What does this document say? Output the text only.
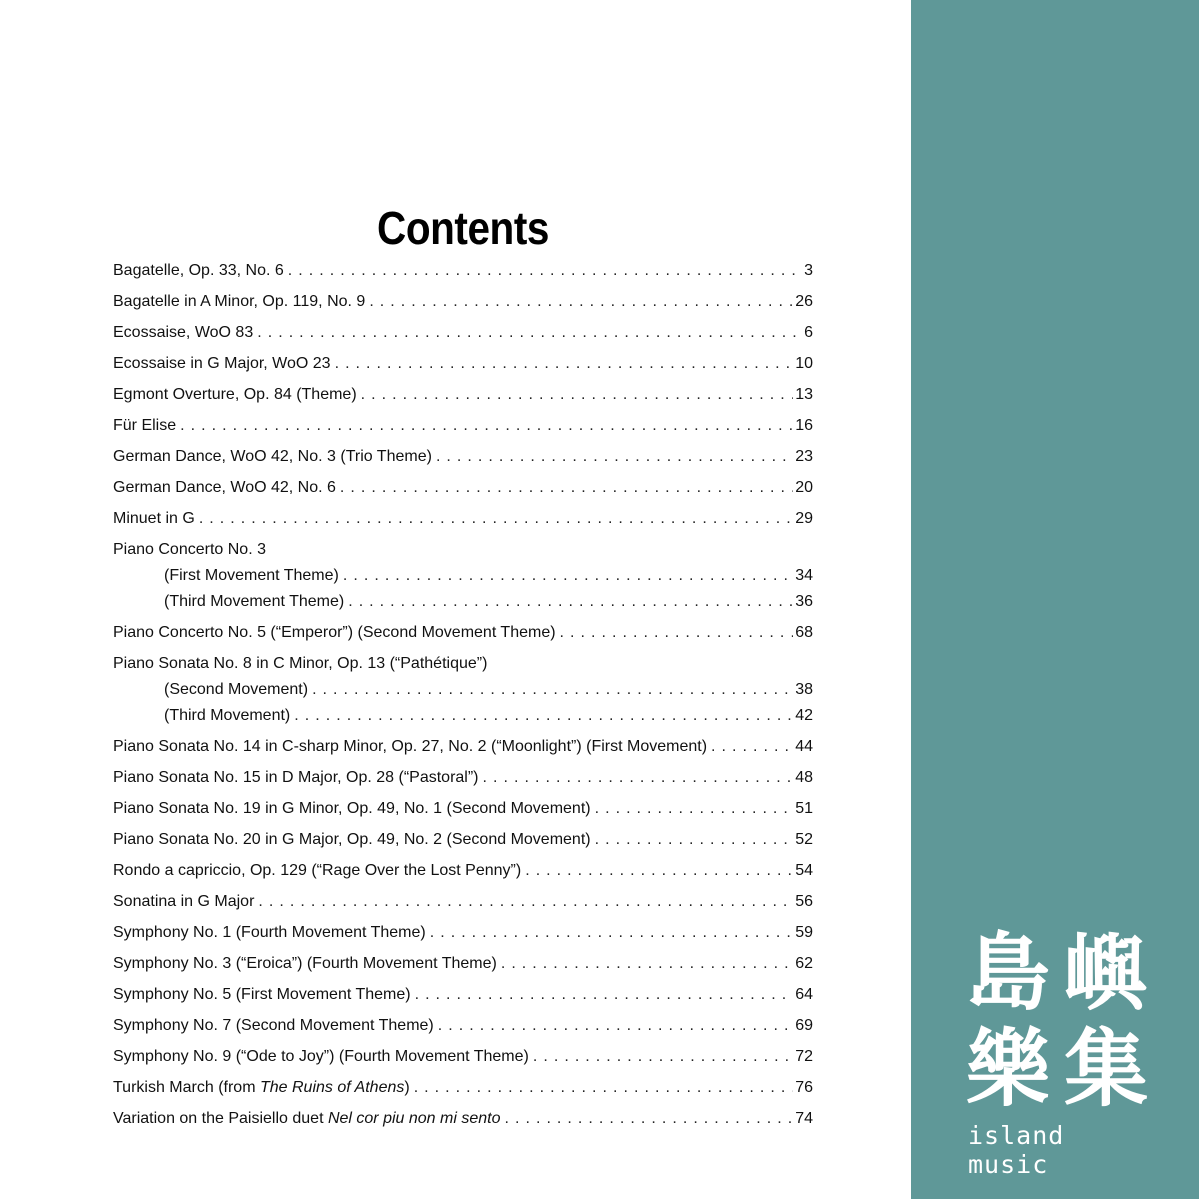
Contents
Bagatelle, Op. 33, No. 6 . . .	3
Bagatelle in A Minor, Op. 119, No. 9 . . .	26
Ecossaise, WoO 83 . . .	6
Ecossaise in G Major, WoO 23 . . .	10
Egmont Overture, Op. 84 (Theme) . . .	13
Für Elise . . .	16
German Dance, WoO 42, No. 3 (Trio Theme) . . .	23
German Dance, WoO 42, No. 6 . . .	20
Minuet in G . . .	29
Piano Concerto No. 3
(First Movement Theme) . . .	34
(Third Movement Theme) . . .	36
Piano Concerto No. 5 (“Emperor”) (Second Movement Theme) . . .	68
Piano Sonata No. 8 in C Minor, Op. 13 (“Pathétique”)
(Second Movement) . . .	38
(Third Movement) . . .	42
Piano Sonata No. 14 in C-sharp Minor, Op. 27, No. 2 (“Moonlight”) (First Movement) . . .	44
Piano Sonata No. 15 in D Major, Op. 28 (“Pastoral”) . . .	48
Piano Sonata No. 19 in G Minor, Op. 49, No. 1 (Second Movement) . . .	51
Piano Sonata No. 20 in G Major, Op. 49, No. 2 (Second Movement) . . .	52
Rondo a capriccio, Op. 129 (“Rage Over the Lost Penny”) . . .	54
Sonatina in G Major . . .	56
Symphony No. 1 (Fourth Movement Theme) . . .	59
Symphony No. 3 (“Eroica”) (Fourth Movement Theme) . . .	62
Symphony No. 5 (First Movement Theme) . . .	64
Symphony No. 7 (Second Movement Theme) . . .	69
Symphony No. 9 (“Ode to Joy”) (Fourth Movement Theme) . . .	72
Turkish March (from The Ruins of Athens) . . .	76
Variation on the Paisiello duet Nel cor piu non mi sento . . .	74
島 嶼
樂 集
island music
